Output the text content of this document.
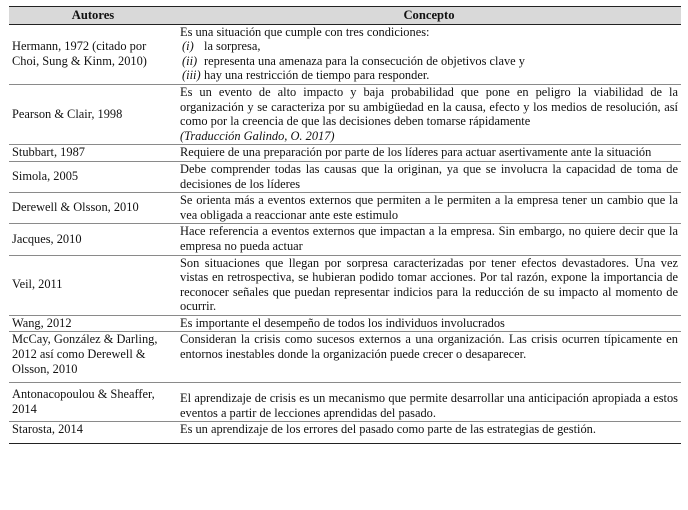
Autores	Concepto
Hermann, 1972 (citado por Choi, Sung & Kinm, 2010)	Es una situación que cumple con tres condiciones:
(i) la sorpresa,
(ii) representa una amenaza para la consecución de objetivos clave y
(iii) hay una restricción de tiempo para responder.

Pearson & Clair, 1998	Es un evento de alto impacto y baja probabilidad que pone en peligro la viabilidad de la organización y se caracteriza por su ambigüedad en la causa, efecto y los medios de resolución, así como por la creencia de que las decisiones deben tomarse rápidamente
(Traducción Galindo, O. 2017)
Stubbart, 1987	Requiere de una preparación por parte de los líderes para actuar asertivamente ante la situación
Simola, 2005	Debe comprender todas las causas que la originan, ya que se involucra la capacidad de toma de decisiones de los líderes
Derewell & Olsson, 2010	Se orienta más a eventos externos que permiten a le permiten a la empresa tener un cambio que la vea obligada a reaccionar ante este estimulo
Jacques, 2010	Hace referencia a eventos externos que impactan a la empresa. Sin embargo, no quiere decir que la empresa no pueda actuar
Veil, 2011	Son situaciones que llegan por sorpresa caracterizadas por tener efectos devastadores. Una vez vistas en retrospectiva, se hubieran podido tomar acciones. Por tal razón, expone la importancia de reconocer señales que puedan representar indicios para la reducción de su impacto al momento de ocurrir.
Wang, 2012	Es importante el desempeño de todos los individuos involucrados
McCay, González & Darling, 2012 así como Derewell & Olsson, 2010	Consideran la crisis como sucesos externos a una organización. Las crisis ocurren típicamente en entornos inestables donde la organización puede crecer o desaparecer.
Antonacopoulou & Sheaffer, 2014	El aprendizaje de crisis es un mecanismo que permite desarrollar una anticipación apropiada a estos eventos a partir de lecciones aprendidas del pasado.
Starosta, 2014	Es un aprendizaje de los errores del pasado como parte de las estrategias de gestión.
